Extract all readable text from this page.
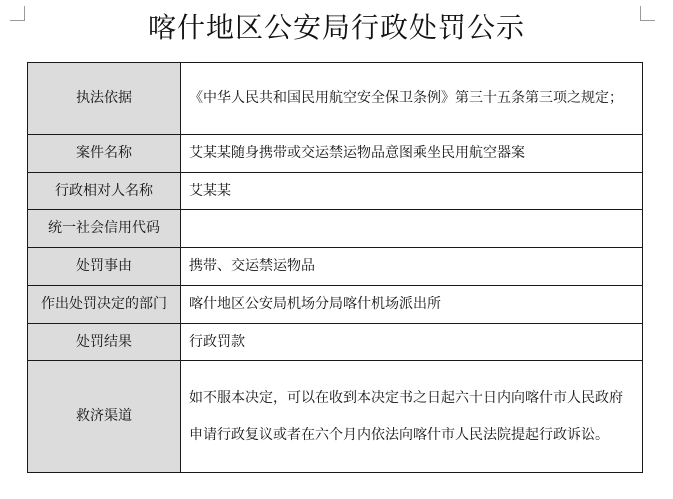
喀什地区公安局行政处罚公示
执法依据	《中华人民共和国民用航空安全保卫条例》第三十五条第三项之规定；
案件名称	艾某某随身携带或交运禁运物品意图乘坐民用航空器案
行政相对人名称	艾某某
统一社会信用代码	
处罚事由	携带、交运禁运物品
作出处罚决定的部门	喀什地区公安局机场分局喀什机场派出所
处罚结果	行政罚款
救济渠道	如不服本决定，可以在收到本决定书之日起六十日内向喀什市人民政府申请行政复议或者在六个月内依法向喀什市人民法院提起行政诉讼。
